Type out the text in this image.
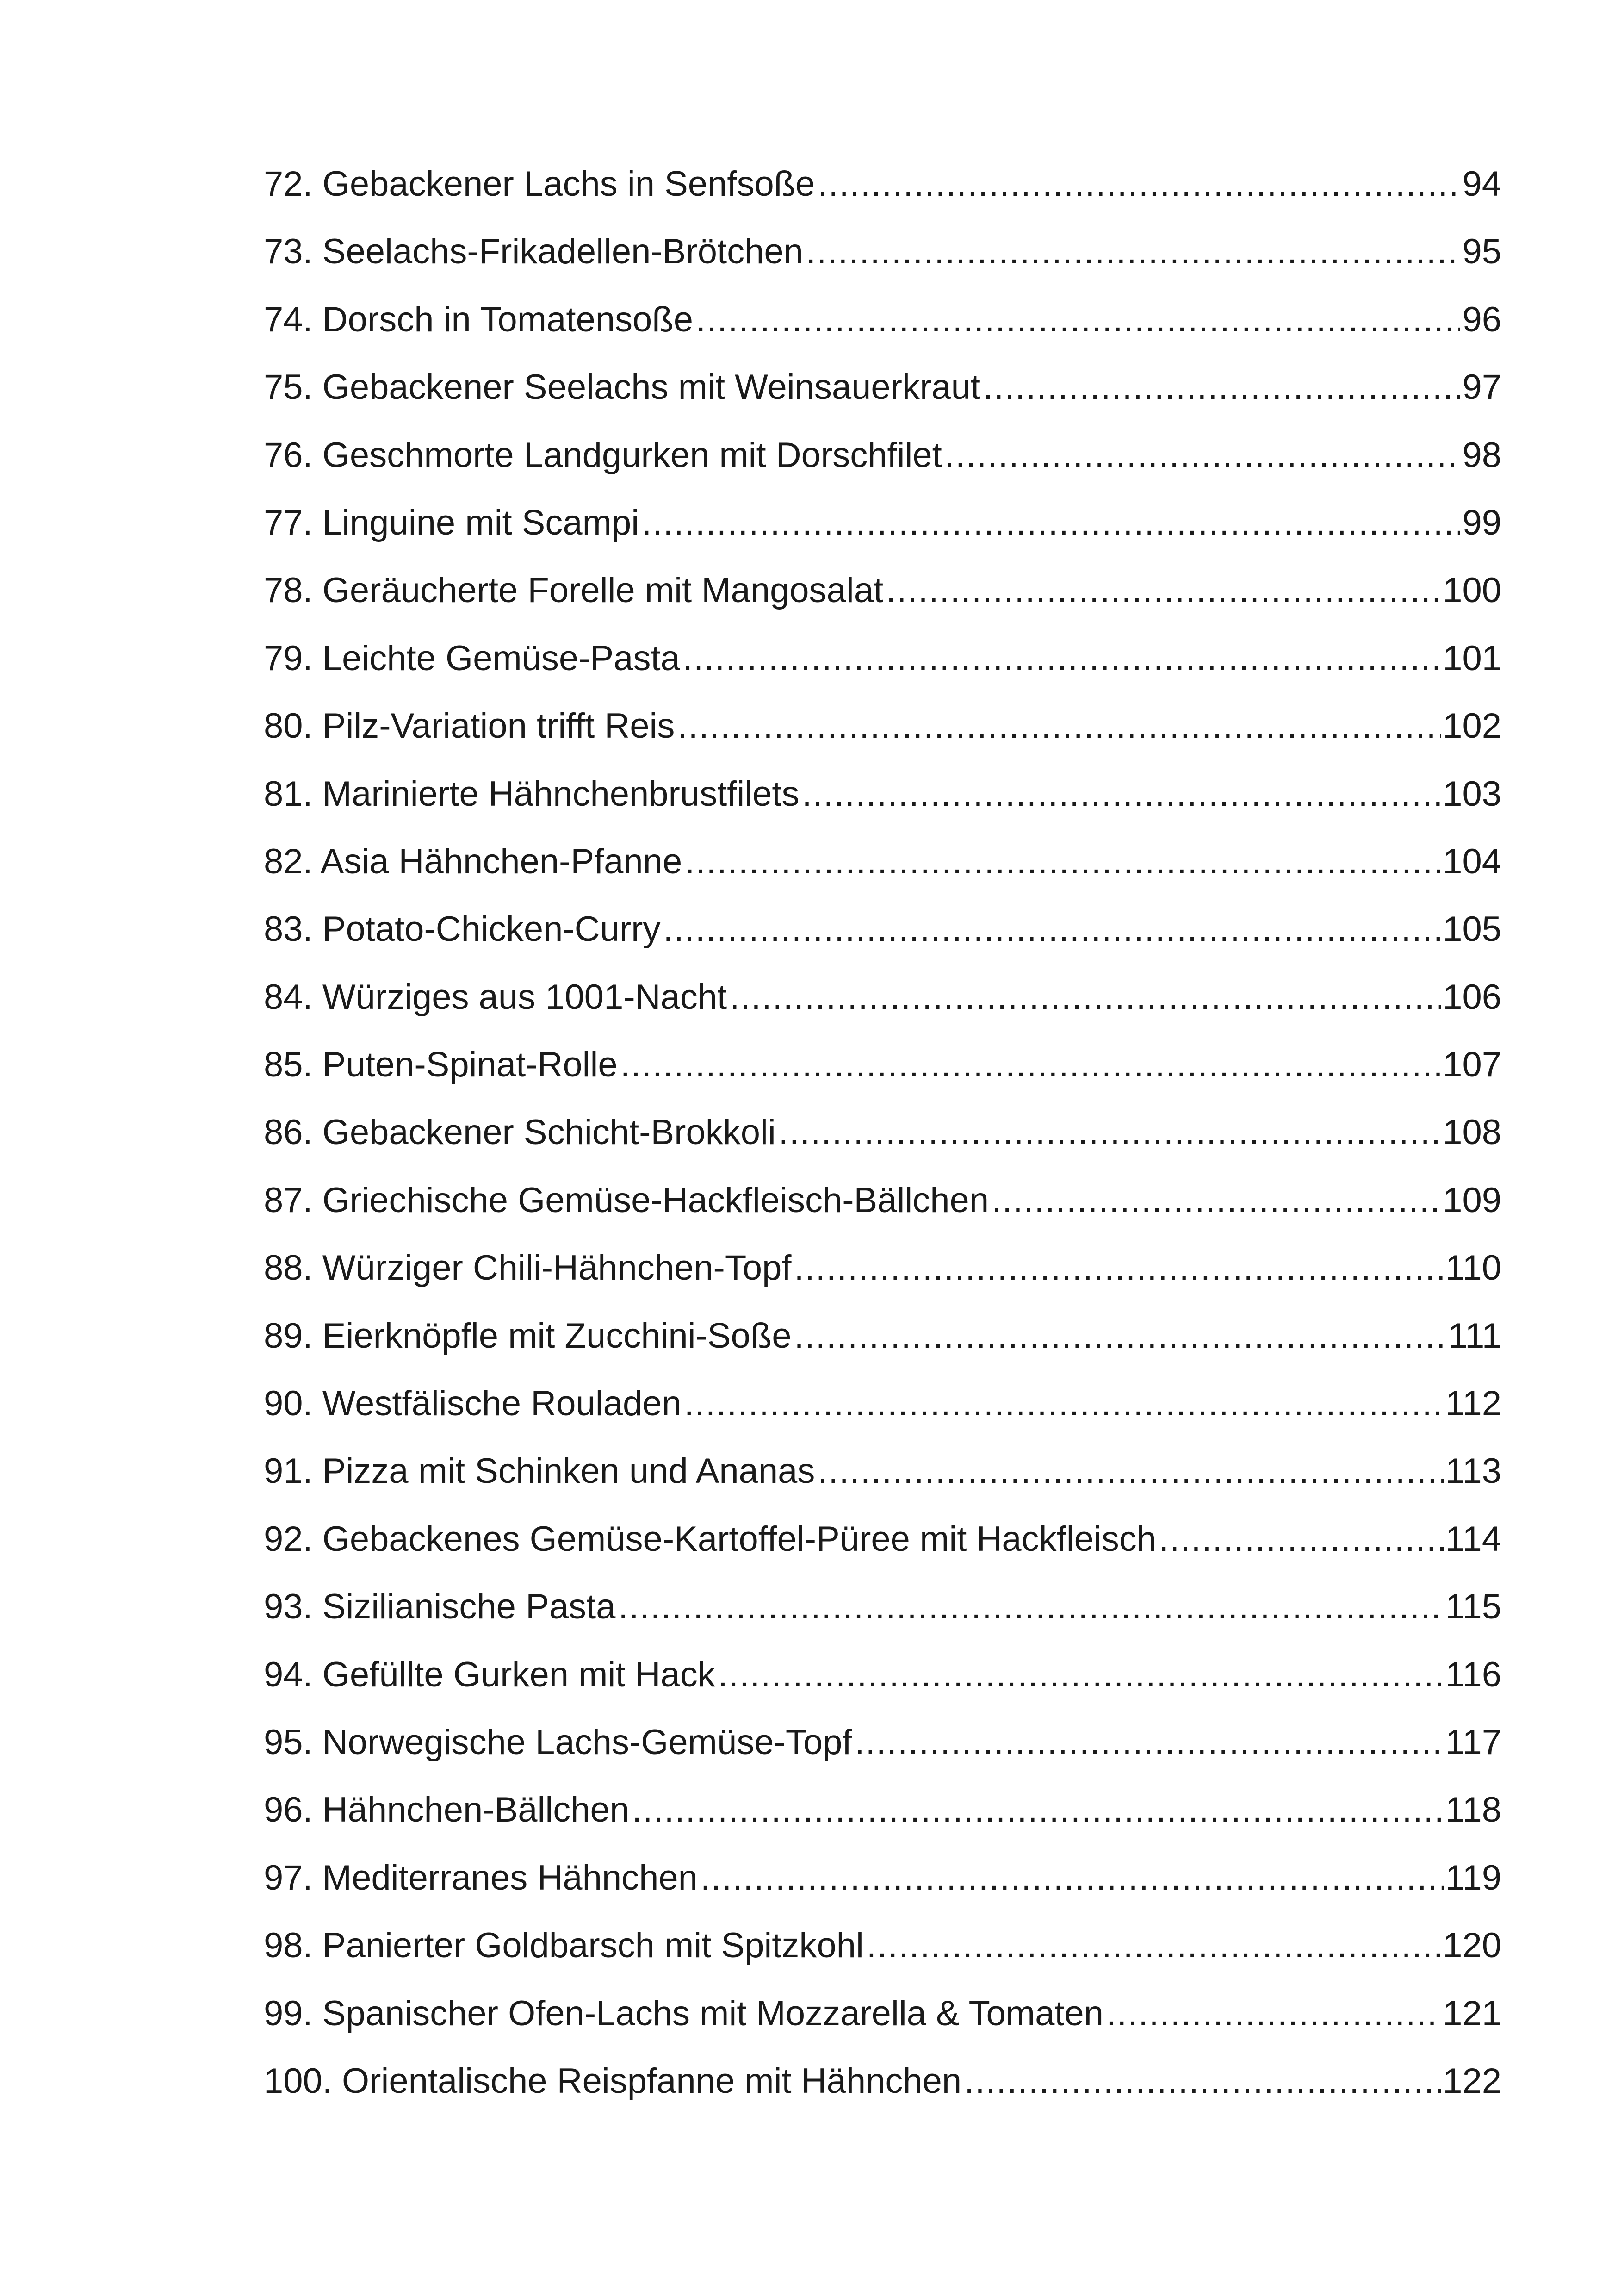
72. Gebackener Lachs in Senfsoße .....	94
73. Seelachs-Frikadellen-Brötchen .....	95
74. Dorsch in Tomatensoße .....	96
75. Gebackener Seelachs mit Weinsauerkraut .....	97
76. Geschmorte Landgurken mit Dorschfilet .....	98
77. Linguine mit Scampi .....	99
78. Geräucherte Forelle mit Mangosalat .....	100
79. Leichte Gemüse-Pasta .....	101
80. Pilz-Variation trifft Reis .....	102
81. Marinierte Hähnchenbrustfilets .....	103
82. Asia Hähnchen-Pfanne .....	104
83. Potato-Chicken-Curry .....	105
84. Würziges aus 1001-Nacht .....	106
85. Puten-Spinat-Rolle .....	107
86. Gebackener Schicht-Brokkoli .....	108
87. Griechische Gemüse-Hackfleisch-Bällchen .....	109
88. Würziger Chili-Hähnchen-Topf .....	110
89. Eierknöpfle mit Zucchini-Soße .....	111
90. Westfälische Rouladen .....	112
91. Pizza mit Schinken und Ananas .....	113
92. Gebackenes Gemüse-Kartoffel-Püree mit Hackfleisch .....	114
93. Sizilianische Pasta .....	115
94. Gefüllte Gurken mit Hack .....	116
95. Norwegische Lachs-Gemüse-Topf .....	117
96. Hähnchen-Bällchen .....	118
97. Mediterranes Hähnchen .....	119
98. Panierter Goldbarsch mit Spitzkohl .....	120
99. Spanischer Ofen-Lachs mit Mozzarella & Tomaten .....	121
100. Orientalische Reispfanne mit Hähnchen .....	122
